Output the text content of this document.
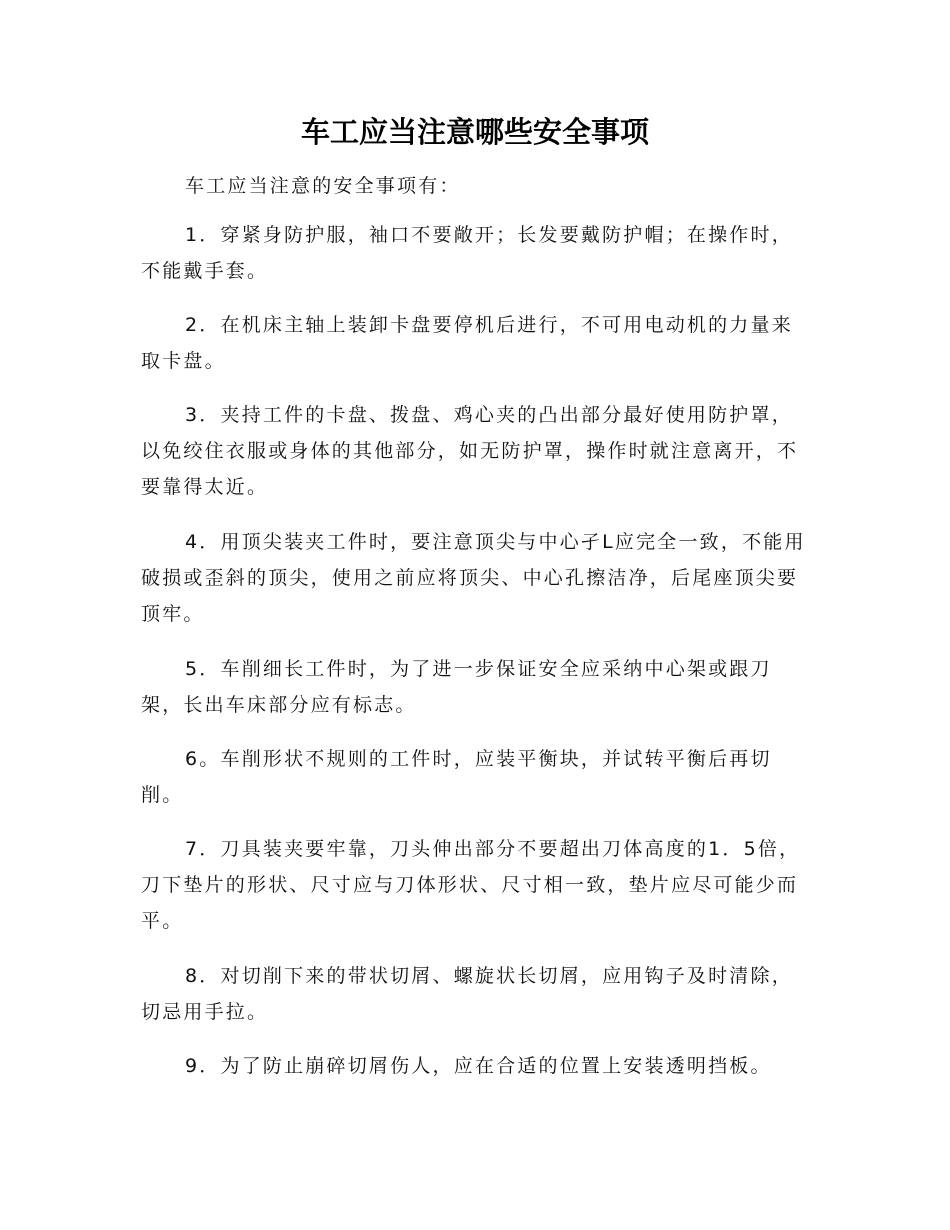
车工应当注意哪些安全事项

车工应当注意的安全事项有：

1．穿紧身防护服，袖口不要敞开；长发要戴防护帽；在操作时，不能戴手套。

2．在机床主轴上装卸卡盘要停机后进行，不可用电动机的力量来取卡盘。

3．夹持工件的卡盘、拨盘、鸡心夹的凸出部分最好使用防护罩，以免绞住衣服或身体的其他部分，如无防护罩，操作时就注意离开，不要靠得太近。

4．用顶尖装夹工件时，要注意顶尖与中心孑L应完全一致，不能用破损或歪斜的顶尖，使用之前应将顶尖、中心孔擦洁净，后尾座顶尖要顶牢。

5．车削细长工件时，为了进一步保证安全应采纳中心架或跟刀架，长出车床部分应有标志。

6。车削形状不规则的工件时，应装平衡块，并试转平衡后再切削。

7．刀具装夹要牢靠，刀头伸出部分不要超出刀体高度的1．5倍，刀下垫片的形状、尺寸应与刀体形状、尺寸相一致，垫片应尽可能少而平。

8．对切削下来的带状切屑、螺旋状长切屑，应用钩子及时清除，切忌用手拉。

9．为了防止崩碎切屑伤人，应在合适的位置上安装透明挡板。
